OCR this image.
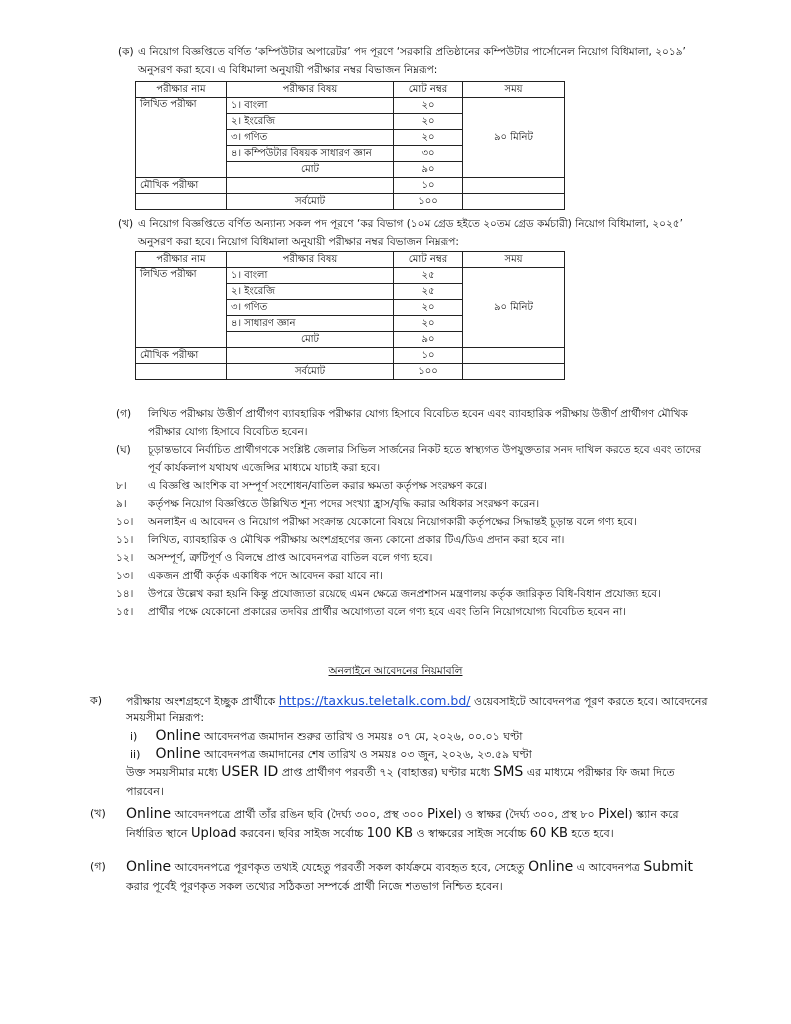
(ক) এ নিয়োগ বিজ্ঞপ্তিতে বর্ণিত ‘কম্পিউটার অপারেটর’ পদ পূরণে ‘সরকারি প্রতিষ্ঠানের কম্পিউটার পার্সোনেল নিয়োগ বিধিমালা, ২০১৯’
অনুসরণ করা হবে। এ বিধিমালা অনুযায়ী পরীক্ষার নম্বর বিভাজন নিম্নরূপ:
পরীক্ষার নাম	পরীক্ষার বিষয়	মোট নম্বর	সময়
লিখিত পরীক্ষা	১। বাংলা	২০	৯০ মিনিট
	২। ইংরেজি	২০	
	৩। গণিত	২০	
	৪। কম্পিউটার বিষয়ক সাধারণ জ্ঞান	৩০	
	মোট	৯০	
মৌখিক পরীক্ষা		১০	
	সর্বমোট	১০০	
(খ) এ নিয়োগ বিজ্ঞপ্তিতে বর্ণিত অন্যান্য সকল পদ পূরণে ‘কর বিভাগ (১০ম গ্রেড হইতে ২০তম গ্রেড কর্মচারী) নিয়োগ বিধিমালা, ২০২৫’
অনুসরণ করা হবে। নিয়োগ বিধিমালা অনুযায়ী পরীক্ষার নম্বর বিভাজন নিম্নরূপ:
পরীক্ষার নাম	পরীক্ষার বিষয়	মোট নম্বর	সময়
লিখিত পরীক্ষা	১। বাংলা	২৫	৯০ মিনিট
	২। ইংরেজি	২৫	
	৩। গণিত	২০	
	৪। সাধারণ জ্ঞান	২০	
	মোট	৯০	
মৌখিক পরীক্ষা		১০	
	সর্বমোট	১০০	
(গ)	লিখিত পরীক্ষায় উত্তীর্ণ প্রার্থীগণ ব্যাবহারিক পরীক্ষার যোগ্য হিসাবে বিবেচিত হবেন এবং ব্যাবহারিক পরীক্ষায় উত্তীর্ণ প্রার্থীগণ মৌখিক পরীক্ষার যোগ্য হিসাবে বিবেচিত হবেন।
(ঘ)	চূড়ান্তভাবে নির্বাচিত প্রার্থীগণকে সংশ্লিষ্ট জেলার সিভিল সার্জনের নিকট হতে স্বাস্থ্যগত উপযুক্ততার সনদ দাখিল করতে হবে এবং তাদের পূর্ব কার্যকলাপ যথাযথ এজেন্সির মাধ্যমে যাচাই করা হবে।
৮।	এ বিজ্ঞপ্তি আংশিক বা সম্পূর্ণ সংশোধন/বাতিল করার ক্ষমতা কর্তৃপক্ষ সংরক্ষণ করে।
৯।	কর্তৃপক্ষ নিয়োগ বিজ্ঞপ্তিতে উল্লিখিত শূন্য পদের সংখ্যা হ্রাস/বৃদ্ধি করার অধিকার সংরক্ষণ করেন।
১০।	অনলাইন এ আবেদন ও নিয়োগ পরীক্ষা সংক্রান্ত যেকোনো বিষয়ে নিয়োগকারী কর্তৃপক্ষের সিদ্ধান্তই চূড়ান্ত বলে গণ্য হবে।
১১।	লিখিত, ব্যাবহারিক ও মৌখিক পরীক্ষায় অংশগ্রহণের জন্য কোনো প্রকার টিএ/ডিএ প্রদান করা হবে না।
১২।	অসম্পূর্ণ, ত্রুটিপূর্ণ ও বিলম্বে প্রাপ্ত আবেদনপত্র বাতিল বলে গণ্য হবে।
১৩।	একজন প্রার্থী কর্তৃক একাধিক পদে আবেদন করা যাবে না।
১৪।	উপরে উল্লেখ করা হয়নি কিন্তু প্রযোজ্যতা রয়েছে এমন ক্ষেত্রে জনপ্রশাসন মন্ত্রণালয় কর্তৃক জারিকৃত বিধি-বিধান প্রযোজ্য হবে।
১৫।	প্রার্থীর পক্ষে যেকোনো প্রকারের তদবির প্রার্থীর অযোগ্যতা বলে গণ্য হবে এবং তিনি নিয়োগযোগ্য বিবেচিত হবেন না।
অনলাইনে আবেদনের নিয়মাবলি
ক) পরীক্ষায় অংশগ্রহণে ইচ্ছুক প্রার্থীকে https://taxkus.teletalk.com.bd/ ওয়েবসাইটে আবেদনপত্র পূরণ করতে হবে। আবেদনের
সময়সীমা নিম্নরূপ:
i) Online আবেদনপত্র জমাদান শুরুর তারিখ ও সময়ঃ ০৭ মে, ২০২৬, ০০.০১ ঘণ্টা
ii) Online আবেদনপত্র জমাদানের শেষ তারিখ ও সময়ঃ ০৩ জুন, ২০২৬, ২৩.৫৯ ঘণ্টা
উক্ত সময়সীমার মধ্যে USER ID প্রাপ্ত প্রার্থীগণ পরবর্তী ৭২ (বাহাত্তর) ঘণ্টার মধ্যে SMS এর মাধ্যমে পরীক্ষার ফি জমা দিতে
পারবেন।
(খ) Online আবেদনপত্রে প্রার্থী তাঁর রঙিন ছবি (দৈর্ঘ্য ৩০০, প্রস্থ ৩০০ Pixel) ও স্বাক্ষর (দৈর্ঘ্য ৩০০, প্রস্থ ৮০ Pixel) স্ক্যান করে
নির্ধারিত স্থানে Upload করবেন। ছবির সাইজ সর্বোচ্চ 100 KB ও স্বাক্ষরের সাইজ সর্বোচ্চ 60 KB হতে হবে।
(গ) Online আবেদনপত্রে পূরণকৃত তথ্যই যেহেতু পরবর্তী সকল কার্যক্রমে ব্যবহৃত হবে, সেহেতু Online এ আবেদনপত্র Submit
করার পূর্বেই পূরণকৃত সকল তথ্যের সঠিকতা সম্পর্কে প্রার্থী নিজে শতভাগ নিশ্চিত হবেন।
